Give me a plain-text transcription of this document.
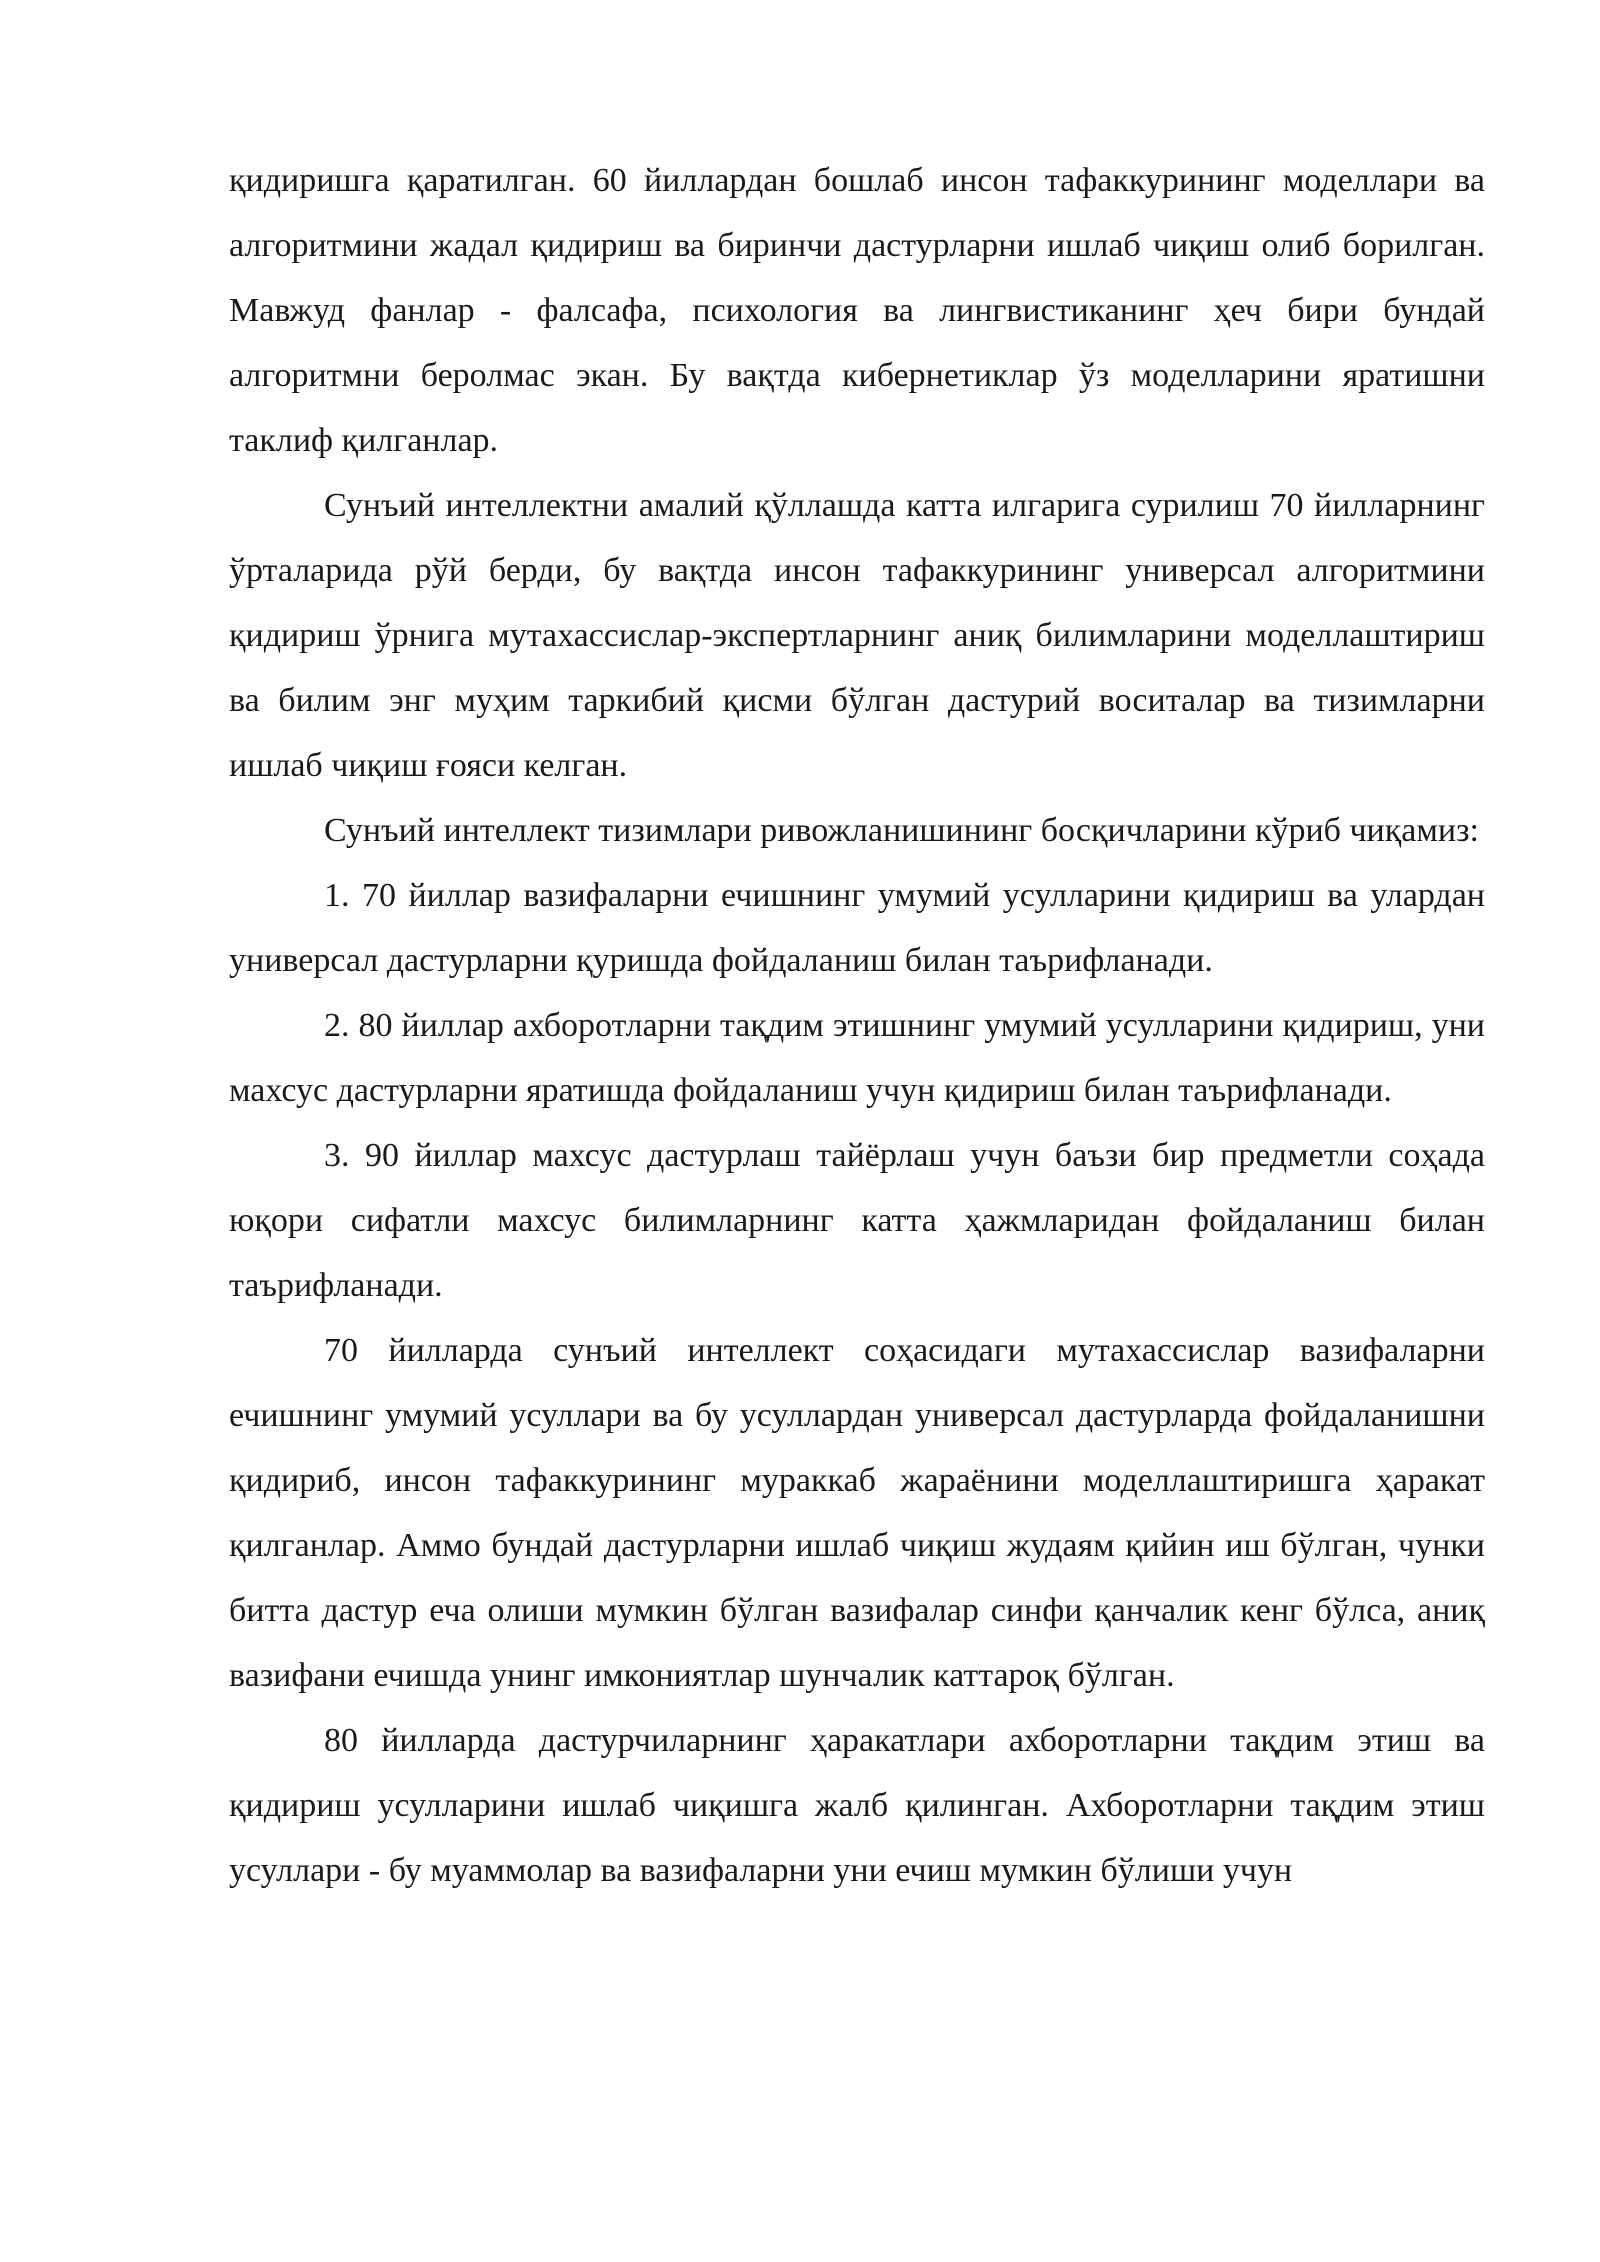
қидиришга қаратилган. 60 йиллардан бошлаб инсон тафаккурининг моделлари ва алгоритмини жадал қидириш ва биринчи дастурларни ишлаб чиқиш олиб борилган. Мавжуд фанлар - фалсафа, психология ва лингвистиканинг ҳеч бири бундай алгоритмни беролмас экан. Бу вақтда кибернетиклар ўз моделларини яратишни таклиф қилганлар.

Сунъий интеллектни амалий қўллашда катта илгарига сурилиш 70 йилларнинг ўрталарида рўй берди, бу вақтда инсон тафаккурининг универсал алгоритмини қидириш ўрнига мутахассислар-экспертларнинг аниқ билимларини моделлаштириш ва билим энг муҳим таркибий қисми бўлган дастурий воситалар ва тизимларни ишлаб чиқиш ғояси келган.

Сунъий интеллект тизимлари ривожланишининг босқичларини кўриб чиқамиз:

1. 70 йиллар вазифаларни ечишнинг умумий усулларини қидириш ва улардан универсал дастурларни қуришда фойдаланиш билан таърифланади.

2. 80 йиллар ахборотларни тақдим этишнинг умумий усулларини қидириш, уни махсус дастурларни яратишда фойдаланиш учун қидириш билан таърифланади.

3. 90 йиллар махсус дастурлаш тайёрлаш учун баъзи бир предметли соҳада юқори сифатли махсус билимларнинг катта ҳажмларидан фойдаланиш билан таърифланади.

70 йилларда сунъий интеллект соҳасидаги мутахассислар вазифаларни ечишнинг умумий усуллари ва бу усуллардан универсал дастурларда фойдаланишни қидириб, инсон тафаккурининг мураккаб жараёнини моделлаштиришга ҳаракат қилганлар. Аммо бундай дастурларни ишлаб чиқиш жудаям қийин иш бўлган, чунки битта дастур еча олиши мумкин бўлган вазифалар синфи қанчалик кенг бўлса, аниқ вазифани ечишда унинг имкониятлар шунчалик каттароқ бўлган.

80 йилларда дастурчиларнинг ҳаракатлари ахборотларни тақдим этиш ва қидириш усулларини ишлаб чиқишга жалб қилинган. Ахборотларни тақдим этиш усуллари - бу муаммолар ва вазифаларни уни ечиш мумкин бўлиши учун
